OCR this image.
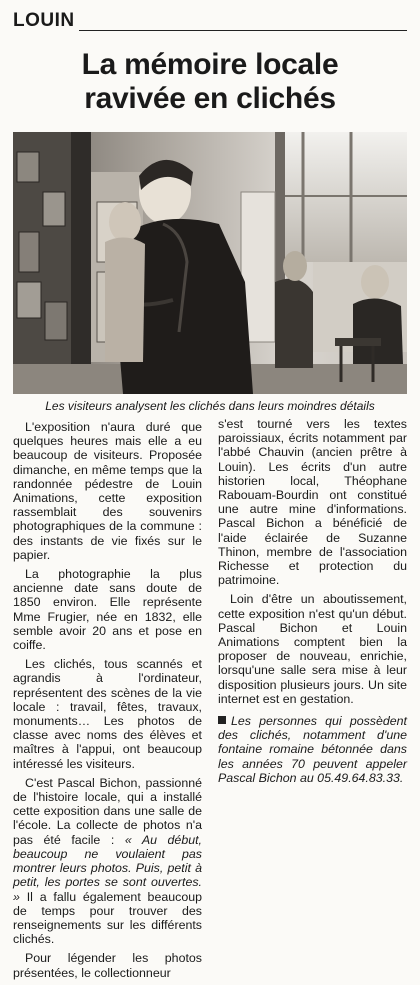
LOUIN
La mémoire locale
ravivée en clichés
Les visiteurs analysent les clichés dans leurs moindres détails

L'exposition n'aura duré que quelques heures mais elle a eu beaucoup de visiteurs. Proposée dimanche, en même temps que la randonnée pédestre de Louin Animations, cette exposition rassemblait des souvenirs photographiques de la commune : des instants de vie fixés sur le papier.

La photographie la plus ancienne date sans doute de 1850 environ. Elle représente Mme Frugier, née en 1832, elle semble avoir 20 ans et pose en coiffe.

Les clichés, tous scannés et agrandis à l'ordinateur, représentent des scènes de la vie locale : travail, fêtes, travaux, monuments… Les photos de classe avec noms des élèves et maîtres à l'appui, ont beaucoup intéressé les visiteurs.

C'est Pascal Bichon, passionné de l'histoire locale, qui a installé cette exposition dans une salle de l'école. La collecte de photos n'a pas été facile : « Au début, beaucoup ne voulaient pas montrer leurs photos. Puis, petit à petit, les portes se sont ouvertes. » Il a fallu également beaucoup de temps pour trouver des renseignements sur les différents clichés.

Pour légender les photos présentées, le collectionneur

s'est tourné vers les textes paroissiaux, écrits notamment par l'abbé Chauvin (ancien prêtre à Louin). Les écrits d'un autre historien local, Théophane Rabouam-Bourdin ont constitué une autre mine d'informations. Pascal Bichon a bénéficié de l'aide éclairée de Suzanne Thinon, membre de l'association Richesse et protection du patrimoine.

Loin d'être un aboutissement, cette exposition n'est qu'un début. Pascal Bichon et Louin Animations comptent bien la proposer de nouveau, enrichie, lorsqu'une salle sera mise à leur disposition plusieurs jours. Un site internet est en gestation.

Les personnes qui possèdent des clichés, notamment d'une fontaine romaine bétonnée dans les années 70 peuvent appeler Pascal Bichon au 05.49.64.83.33.
